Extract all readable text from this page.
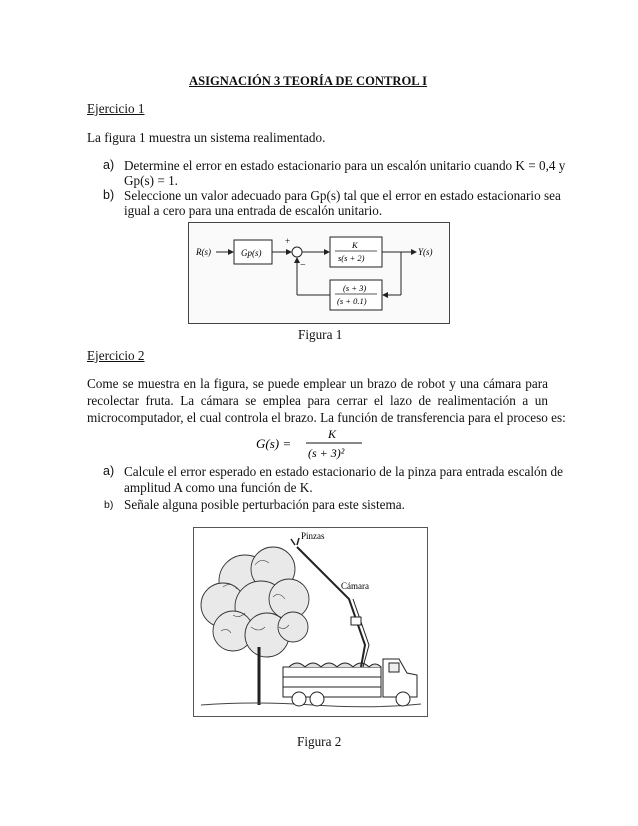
ASIGNACIÓN 3 TEORÍA DE CONTROL I
Ejercicio 1
La figura 1 muestra un sistema realimentado.
a) Determine el error en estado estacionario para un escalón unitario cuando K = 0,4 y
Gp(s) = 1.
b) Seleccione un valor adecuado para Gp(s) tal que el error en estado estacionario sea
igual a cero para una entrada de escalón unitario.
R(s)	Gp(s)
+
−
K
s(s + 2)
Y(s)
(s + 3)
(s + 0.1)
Figura 1
Ejercicio 2
Come se muestra en la figura, se puede emplear un brazo de robot y una cámara para
recolectar fruta. La cámara se emplea para cerrar el lazo de realimentación a un
microcomputador, el cual controla el brazo. La función de transferencia para el proceso es:
G(s) =
K
(s + 3)²
a) Calcule el error esperado en estado estacionario de la pinza para entrada escalón de
amplitud A como una función de K.
b) Señale alguna posible perturbación para este sistema.
Pinzas
Cámara
Figura 2
